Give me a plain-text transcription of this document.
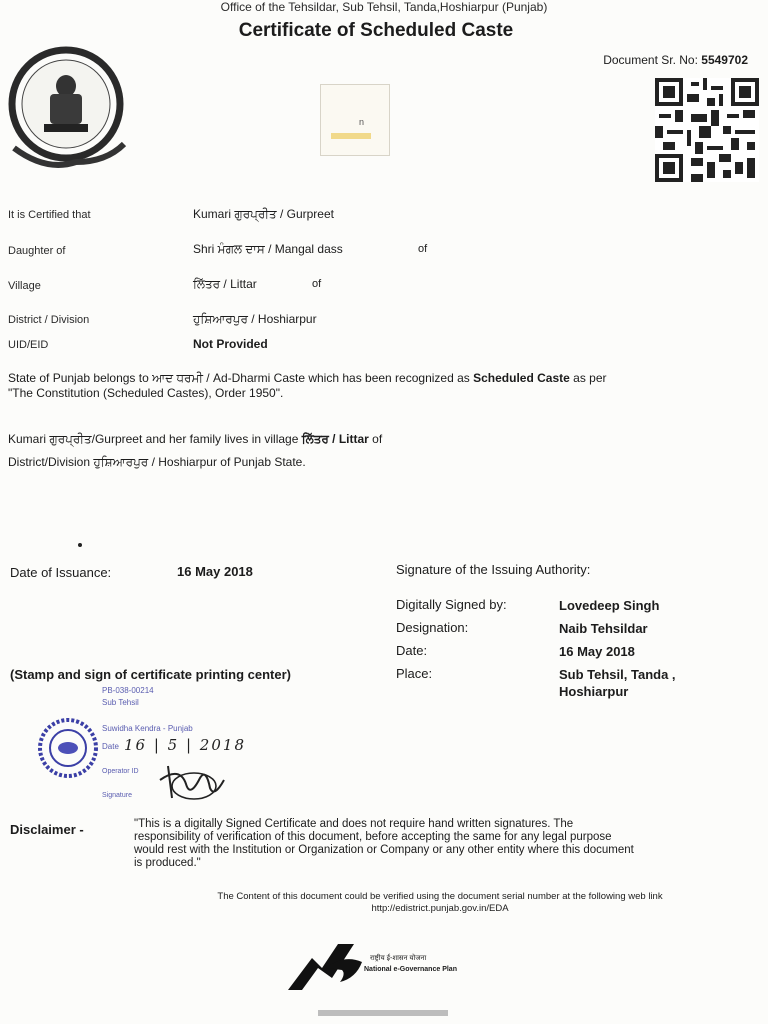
Office of the Tehsildar, Sub Tehsil, Tanda,Hoshiarpur (Punjab)
Certificate of Scheduled Caste
Document Sr. No: 5549702
n
It is Certified that	Kumari ਗੁਰਪ੍ਰੀਤ / Gurpreet
Daughter of	Shri ਮੰਗਲ ਦਾਸ / Mangal dass	of
Village	ਲਿੱਤਰ / Littar	of
District / Division	ਹੁਸ਼ਿਆਰਪੁਰ / Hoshiarpur
UID/EID	Not Provided
State of Punjab belongs to ਆਦ ਧਰਮੀ / Ad-Dharmi Caste which has been recognized as Scheduled Caste as per
"The Constitution (Scheduled Castes), Order 1950".
Kumari ਗੁਰਪ੍ਰੀਤ/Gurpreet and her family lives in village ਲਿੱਤਰ / Littar of
District/Division ਹੁਸ਼ਿਆਰਪੁਰ / Hoshiarpur of Punjab State.
Date of Issuance:	16 May 2018	Signature of the Issuing Authority:
Digitally Signed by:	Lovedeep Singh
Designation:	Naib Tehsildar
Date:	16 May 2018
Place:	Sub Tehsil, Tanda ,
Hoshiarpur
(Stamp and sign of certificate printing center)
PB-038-00214
Sub Tehsil
Suwidha Kendra - Punjab
Date 16 | 5 | 2018
Operator ID
Signature
Disclaimer -	"This is a digitally Signed Certificate and does not require hand written signatures. The
responsibility of verification of this document, before accepting the same for any legal purpose
would rest with the Institution or Organization or Company or any other entity where this document
is produced."
The Content of this document could be verified using the document serial number at the following web link
http://edistrict.punjab.gov.in/EDA
राष्ट्रीय ई-शासन योजना
National e-Governance Plan
